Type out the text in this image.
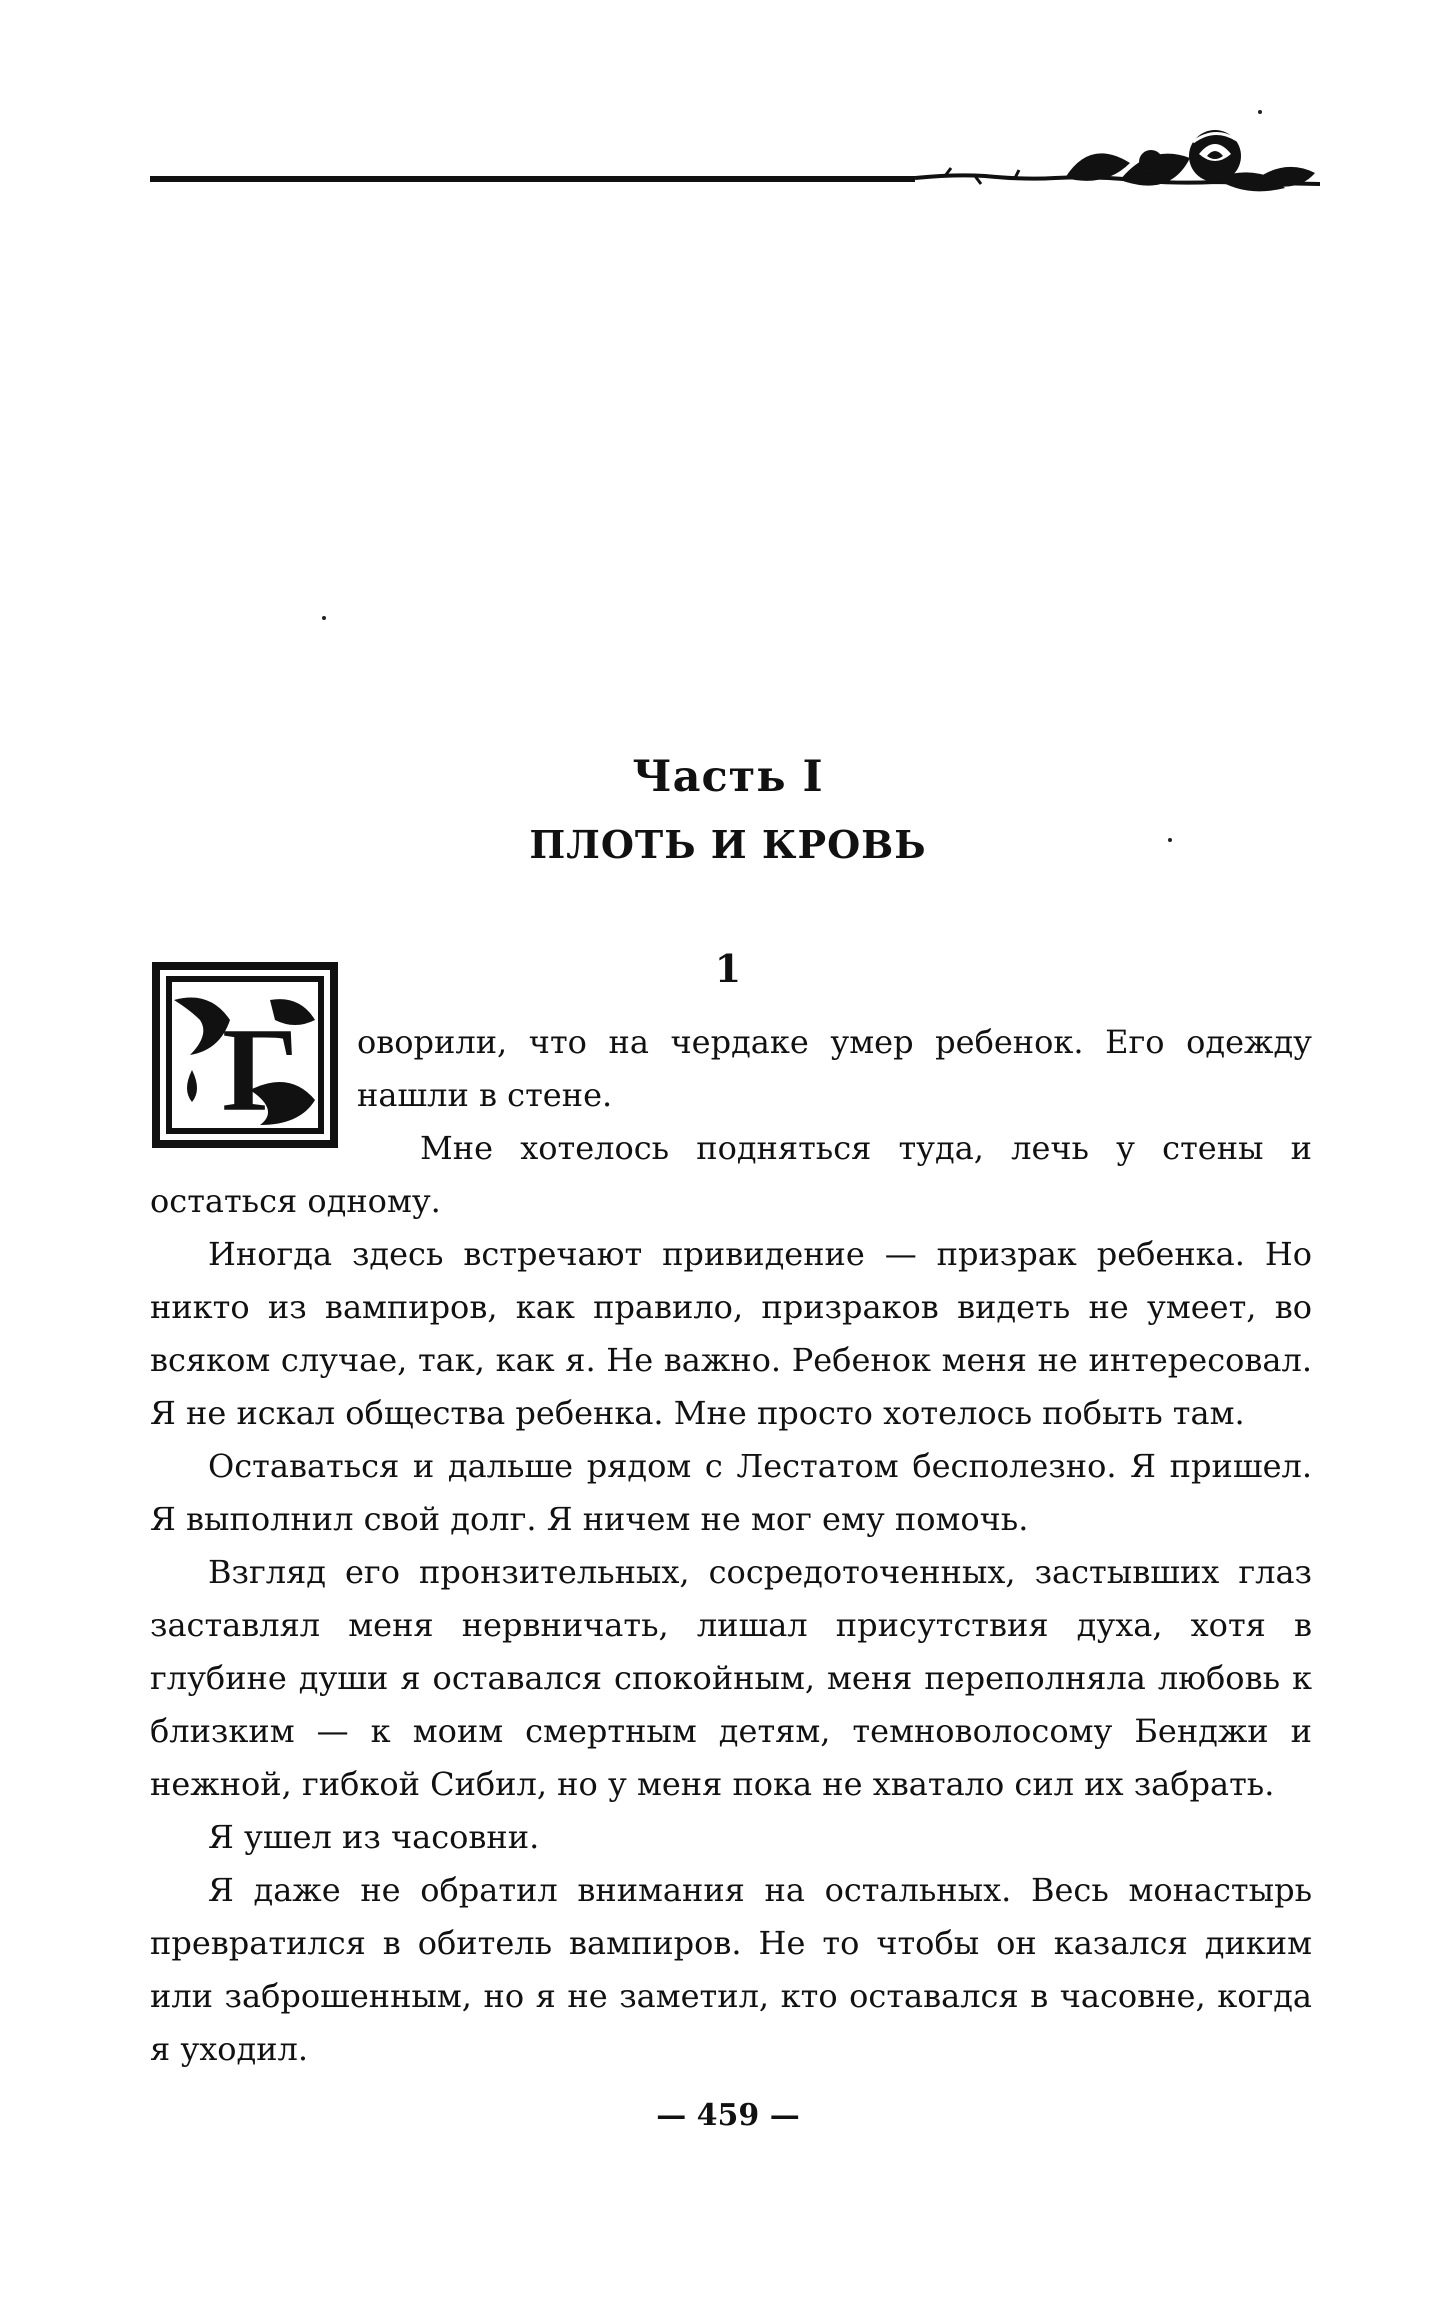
Часть I
ПЛОТЬ И КРОВЬ
1
Г	оворили, что на чердаке умер ребенок. Его одежду нашли в стене.

Мне хотелось подняться туда, лечь у стены и остаться одному.

Иногда здесь встречают привидение — призрак ребенка. Но никто из вампиров, как правило, призраков видеть не умеет, во всяком случае, так, как я. Не важно. Ребенок меня не интересовал. Я не искал общества ребенка. Мне просто хотелось побыть там.

Оставаться и дальше рядом с Лестатом бесполезно. Я пришел. Я выполнил свой долг. Я ничем не мог ему помочь.

Взгляд его пронзительных, сосредоточенных, застывших глаз заставлял меня нервничать, лишал присутствия духа, хотя в глубине души я оставался спокойным, меня переполняла любовь к близким — к моим смертным детям, темноволосому Бенджи и нежной, гибкой Сибил, но у меня пока не хватало сил их забрать.

Я ушел из часовни.

Я даже не обратил внимания на остальных. Весь монастырь превратился в обитель вампиров. Не то чтобы он казался диким или заброшенным, но я не заметил, кто оставался в часовне, когда я уходил.

— 459 —
